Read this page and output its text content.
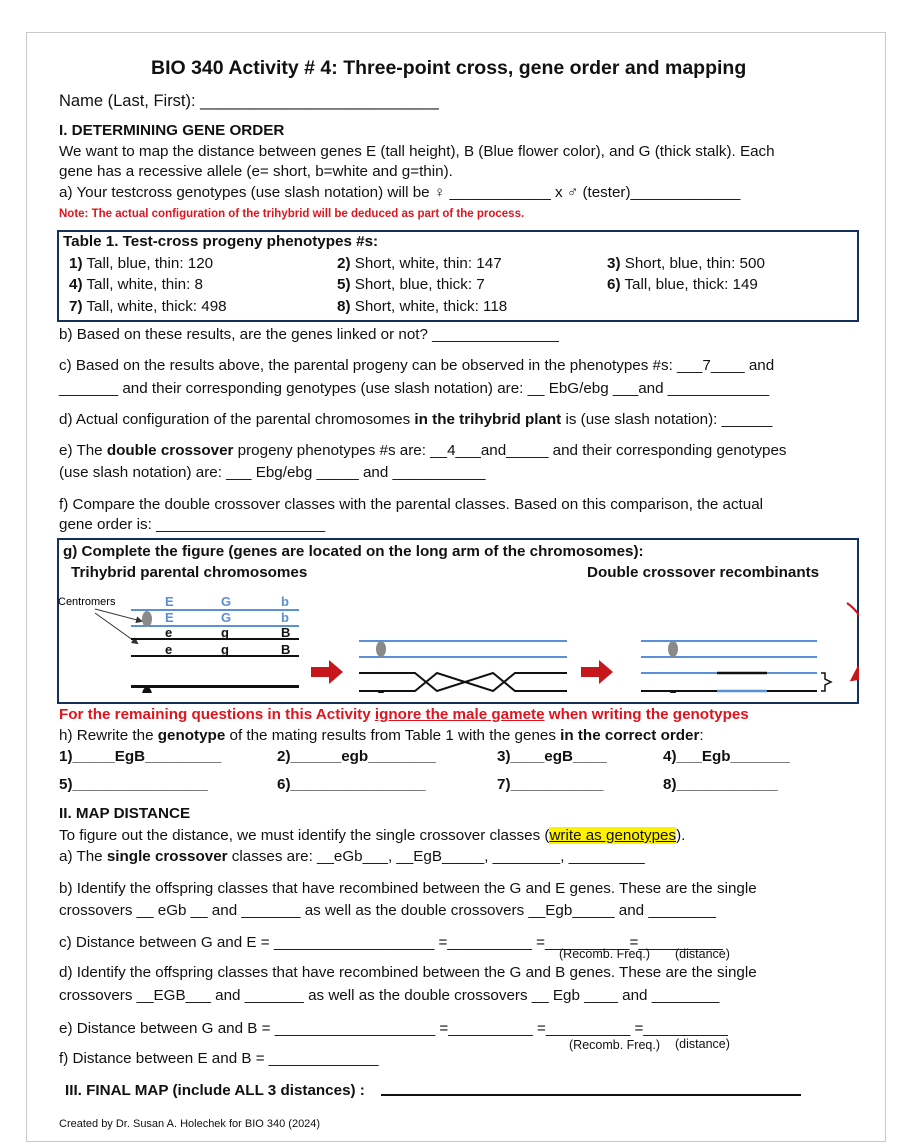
BIO 340 Activity # 4: Three-point cross, gene order and mapping
Name (Last, First): __________________________
I. DETERMINING GENE ORDER
We want to map the distance between genes E (tall height), B (Blue flower color), and G (thick stalk). Each
gene has a recessive allele (e= short, b=white and g=thin).
a) Your testcross genotypes (use slash notation) will be ♀ ____________ x ♂ (tester)_____________
Note: The actual configuration of the trihybrid will be deduced as part of the process.
Table 1. Test-cross progeny phenotypes #s:
1) Tall, blue, thin: 120	2) Short, white, thin: 147	3) Short, blue, thin: 500
4) Tall, white, thin: 8	5) Short, blue, thick: 7	6) Tall, blue, thick: 149
7) Tall, white, thick: 498	8) Short, white, thick: 118
b) Based on these results, are the genes linked or not? _______________
c) Based on the results above, the parental progeny can be observed in the phenotypes #s: ___7____ and
_______ and their corresponding genotypes (use slash notation) are: __ EbG/ebg ___and ____________
d) Actual configuration of the parental chromosomes in the trihybrid plant is (use slash notation): ______
e) The double crossover progeny phenotypes #s are: __4___and_____ and their corresponding genotypes
(use slash notation) are: ___ Ebg/ebg _____ and ___________
f) Compare the double crossover classes with the parental classes. Based on this comparison, the actual
gene order is: ____________________
g) Complete the figure (genes are located on the long arm of the chromosomes):
Trihybrid parental chromosomes	Double crossover recombinants
Centromers	E	G	b
E	G	b
e	g	B
e	g	B
For the remaining questions in this Activity ignore the male gamete when writing the genotypes
h) Rewrite the genotype of the mating results from Table 1 with the genes in the correct order:
1)_____EgB_________	2)______egb________	3)____egB____	4)___Egb_______
5)________________	6)________________	7)___________	8)____________
II. MAP DISTANCE
To figure out the distance, we must identify the single crossover classes (write as genotypes).
a) The single crossover classes are: __eGb___, __EgB_____, ________, _________
b) Identify the offspring classes that have recombined between the G and E genes. These are the single
crossovers __ eGb __ and _______ as well as the double crossovers __Egb_____ and ________
c) Distance between G and E = ___________________ =__________ =__________=__________
(Recomb. Freq.) (distance)
d) Identify the offspring classes that have recombined between the G and B genes. These are the single
crossovers __EGB___ and _______ as well as the double crossovers __ Egb ____ and ________
e) Distance between G and B = ___________________ =__________ =__________ =__________
(Recomb. Freq.) (distance)
f) Distance between E and B = _____________
III. FINAL MAP (include ALL 3 distances) :
Created by Dr. Susan A. Holechek for BIO 340 (2024)
